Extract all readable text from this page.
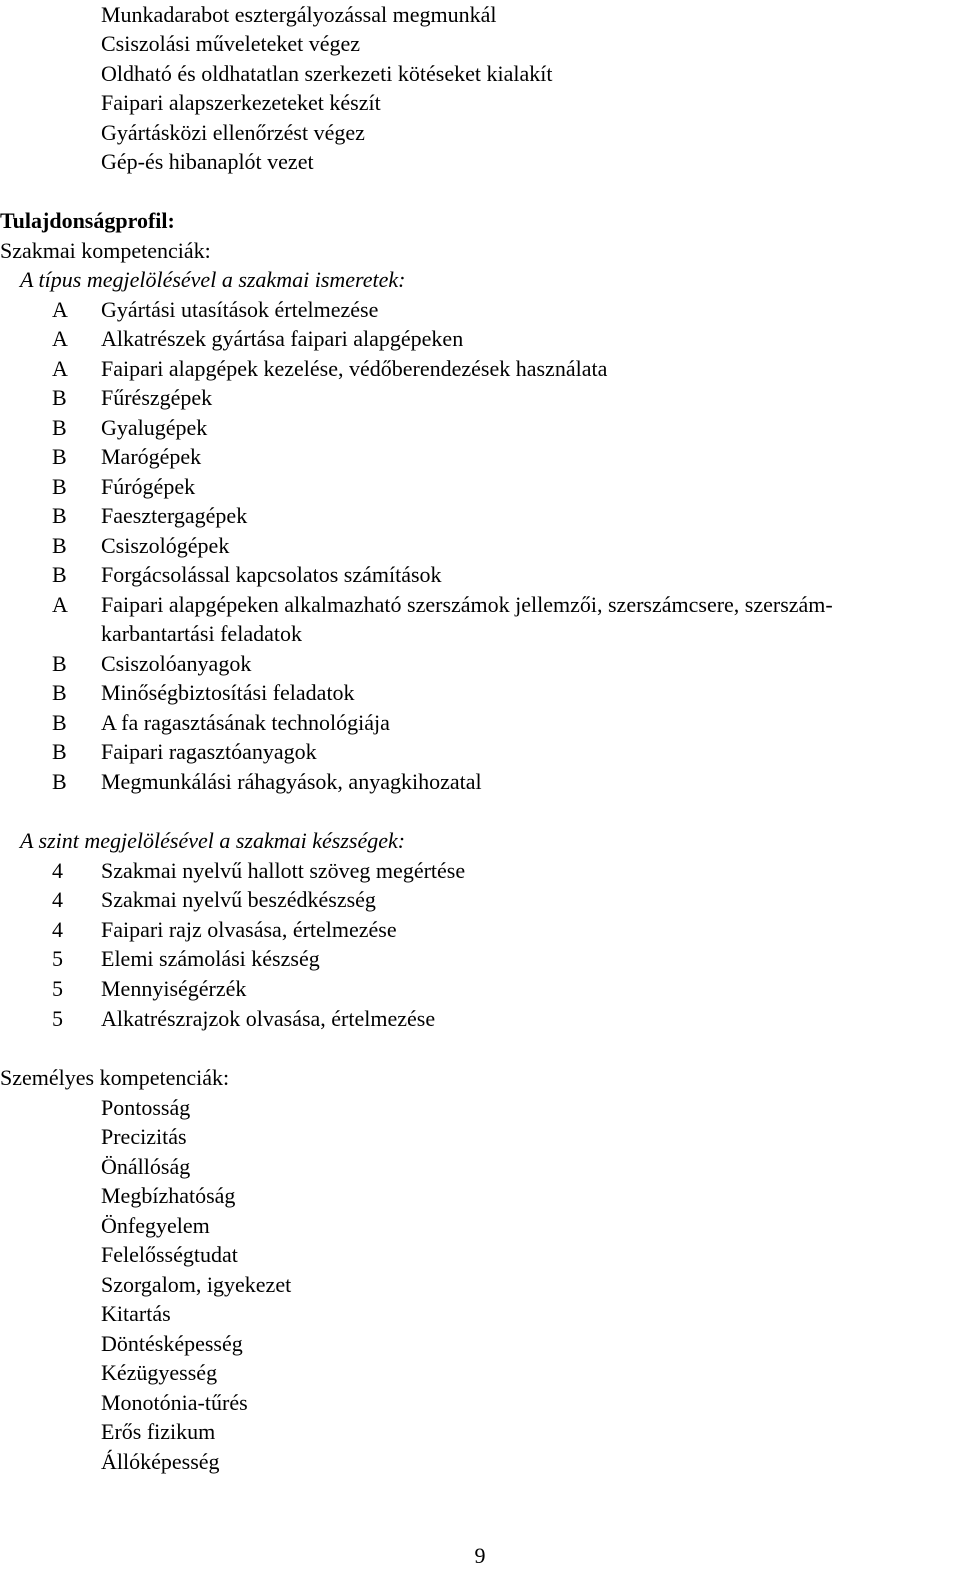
Munkadarabot esztergályozással megmunkál
Csiszolási műveleteket végez
Oldható és oldhatatlan szerkezeti kötéseket kialakít
Faipari alapszerkezeteket készít
Gyártásközi ellenőrzést végez
Gép-és hibanaplót vezet
Tulajdonságprofil:
Szakmai kompetenciák:
A típus megjelölésével a szakmai ismeretek:
A	Gyártási utasítások értelmezése
A	Alkatrészek gyártása faipari alapgépeken
A	Faipari alapgépek kezelése, védőberendezések használata
B	Fűrészgépek
B	Gyalugépek
B	Marógépek
B	Fúrógépek
B	Faesztergagépek
B	Csiszológépek
B	Forgácsolással kapcsolatos számítások
A	Faipari alapgépeken alkalmazható szerszámok jellemzői, szerszámcsere, szerszám-
karbantartási feladatok
B	Csiszolóanyagok
B	Minőségbiztosítási feladatok
B	A fa ragasztásának technológiája
B	Faipari ragasztóanyagok
B	Megmunkálási ráhagyások, anyagkihozatal
A szint megjelölésével a szakmai készségek:
4	Szakmai nyelvű hallott szöveg megértése
4	Szakmai nyelvű beszédkészség
4	Faipari rajz olvasása, értelmezése
5	Elemi számolási készség
5	Mennyiségérzék
5	Alkatrészrajzok olvasása, értelmezése
Személyes kompetenciák:
Pontosság
Precizitás
Önállóság
Megbízhatóság
Önfegyelem
Felelősségtudat
Szorgalom, igyekezet
Kitartás
Döntésképesség
Kézügyesség
Monotónia-tűrés
Erős fizikum
Állóképesség
9
